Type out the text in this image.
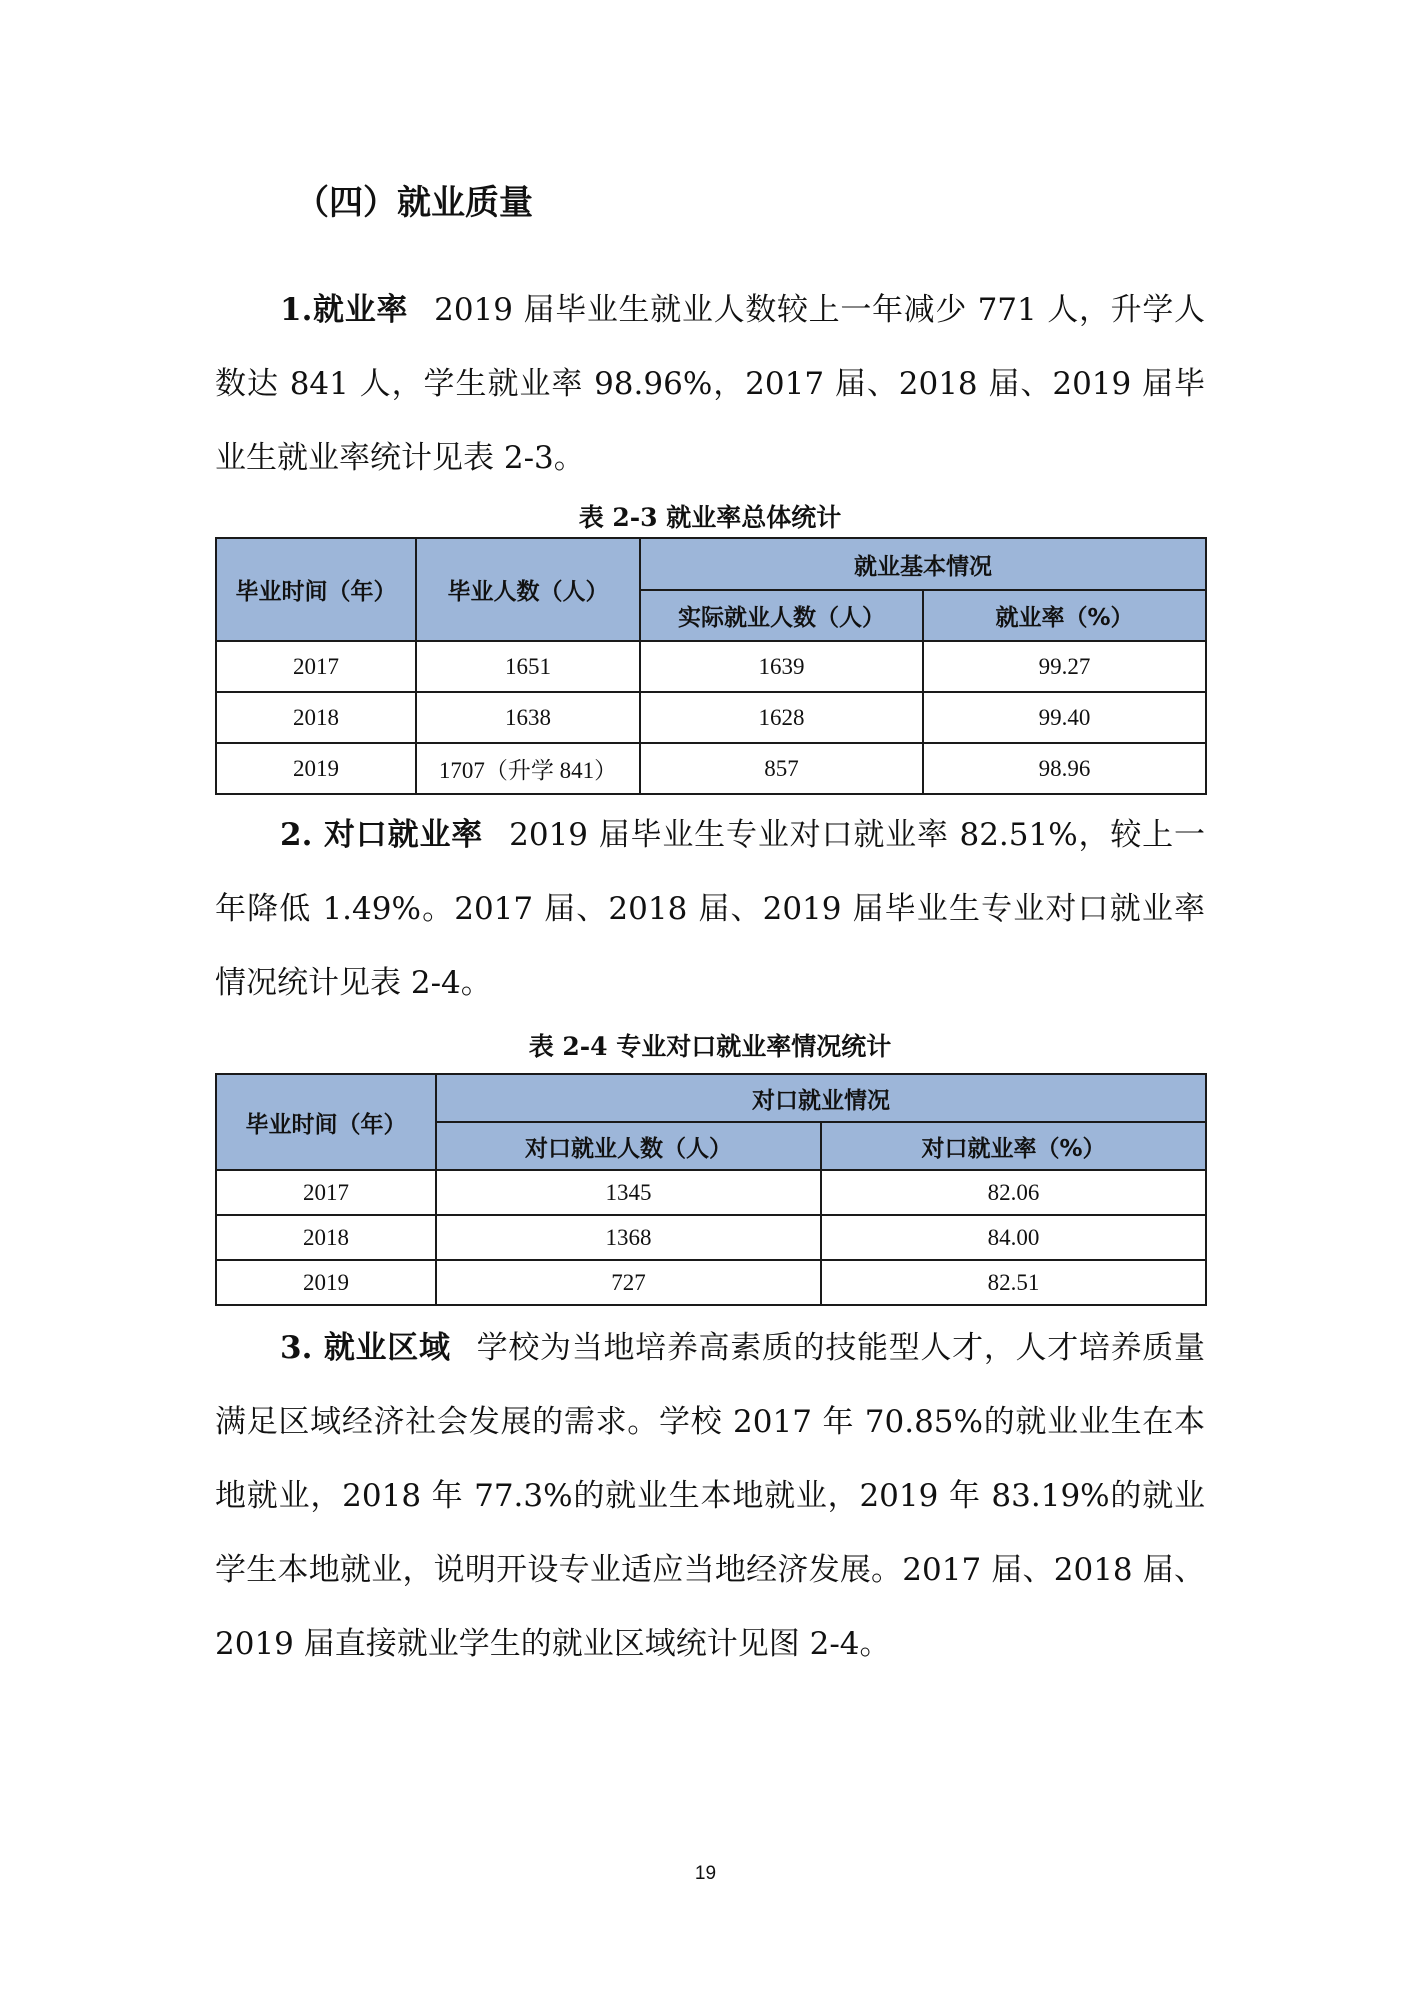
（四）就业质量
1.就业率 2019 届毕业生就业人数较上一年减少 771 人，升学人数达 841 人，学生就业率 98.96%，2017 届、2018 届、2019 届毕业生就业率统计见表 2-3。
表 2-3 就业率总体统计
毕业时间（年）	毕业人数（人）	就业基本情况	
		实际就业人数（人）	就业率（%）
2017	1651	1639	99.27
2018	1638	1628	99.40
2019	1707（升学 841）	857	98.96
2. 对口就业率 2019 届毕业生专业对口就业率 82.51%，较上一年降低 1.49%。2017 届、2018 届、2019 届毕业生专业对口就业率情况统计见表 2-4。
表 2-4 专业对口就业率情况统计
毕业时间（年）	对口就业情况	
	对口就业人数（人）	对口就业率（%）
2017	1345	82.06
2018	1368	84.00
2019	727	82.51
3. 就业区域 学校为当地培养高素质的技能型人才，人才培养质量满足区域经济社会发展的需求。学校 2017 年 70.85%的就业业生在本地就业，2018 年 77.3%的就业生本地就业，2019 年 83.19%的就业学生本地就业，说明开设专业适应当地经济发展。2017 届、2018 届、2019 届直接就业学生的就业区域统计见图 2-4。
19
